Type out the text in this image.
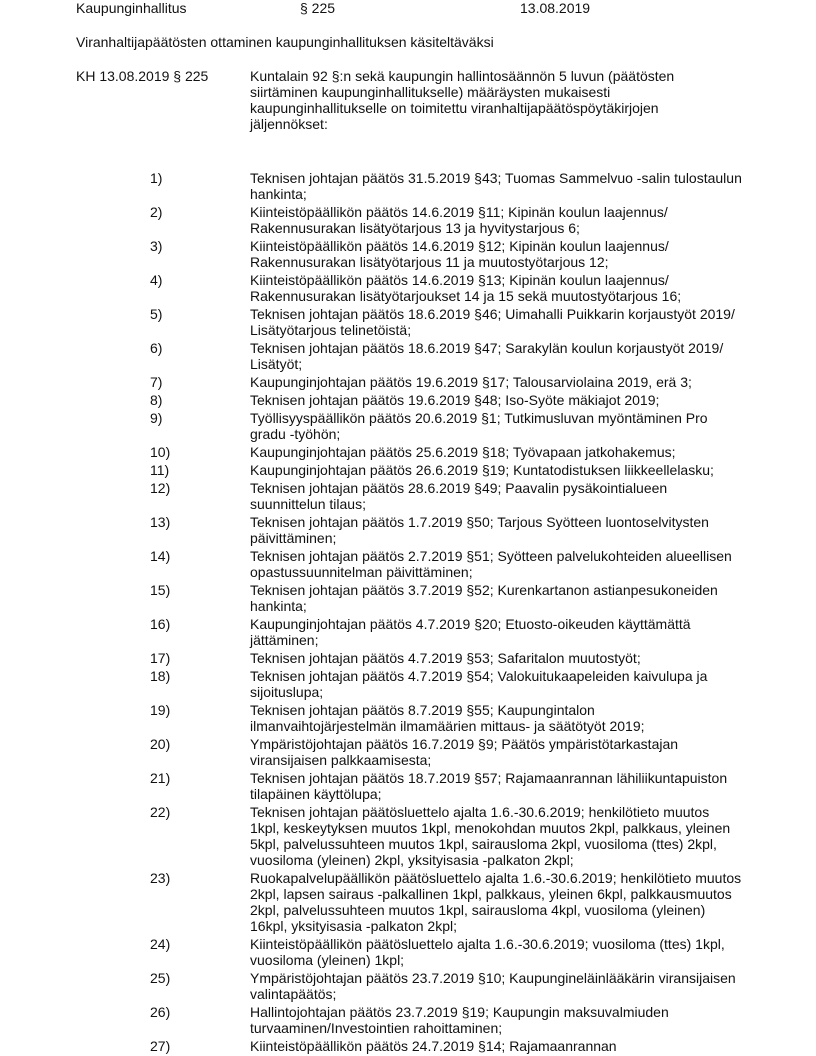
Kaupunginhallitus	§ 225	13.08.2019
Viranhaltijapäätösten ottaminen kaupunginhallituksen käsiteltäväksi
KH 13.08.2019 § 225	Kuntalain 92 §:n sekä kaupungin hallintosäännön 5 luvun (päätösten siirtäminen kaupunginhallitukselle) määräysten mukaisesti kaupunginhallitukselle on toimitettu viranhaltijapäätöspöytäkirjojen jäljennökset:
1)	Teknisen johtajan päätös 31.5.2019 §43; Tuomas Sammelvuo -salin tulostaulun hankinta;
2)	Kiinteistöpäällikön päätös 14.6.2019 §11; Kipinän koulun laajennus/ Rakennusurakan lisätyötarjous 13 ja hyvitystarjous 6;
3)	Kiinteistöpäällikön päätös 14.6.2019 §12; Kipinän koulun laajennus/ Rakennusurakan lisätyötarjous 11 ja muutostyötarjous 12;
4)	Kiinteistöpäällikön päätös 14.6.2019 §13; Kipinän koulun laajennus/ Rakennusurakan lisätyötarjoukset 14 ja 15 sekä muutostyötarjous 16;
5)	Teknisen johtajan päätös 18.6.2019 §46; Uimahalli Puikkarin korjaustyöt 2019/ Lisätyötarjous telinetöistä;
6)	Teknisen johtajan päätös 18.6.2019 §47; Sarakylän koulun korjaustyöt 2019/ Lisätyöt;
7)	Kaupunginjohtajan päätös 19.6.2019 §17; Talousarviolaina 2019, erä 3;
8)	Teknisen johtajan päätös 19.6.2019 §48; Iso-Syöte mäkiajot 2019;
9)	Työllisyyspäällikön päätös 20.6.2019 §1; Tutkimusluvan myöntäminen Pro gradu -työhön;
10)	Kaupunginjohtajan päätös 25.6.2019 §18; Työvapaan jatkohakemus;
11)	Kaupunginjohtajan päätös 26.6.2019 §19; Kuntatodistuksen liikkeellelasku;
12)	Teknisen johtajan päätös 28.6.2019 §49; Paavalin pysäkointialueen suunnittelun tilaus;
13)	Teknisen johtajan päätös 1.7.2019 §50; Tarjous Syötteen luontoselvitysten päivittäminen;
14)	Teknisen johtajan päätös 2.7.2019 §51; Syötteen palvelukohteiden alueellisen opastussuunnitelman päivittäminen;
15)	Teknisen johtajan päätös 3.7.2019 §52; Kurenkartanon astianpesukoneiden hankinta;
16)	Kaupunginjohtajan päätös 4.7.2019 §20; Etuosto-oikeuden käyttämättä jättäminen;
17)	Teknisen johtajan päätös 4.7.2019 §53; Safaritalon muutostyöt;
18)	Teknisen johtajan päätös 4.7.2019 §54; Valokuitukaapeleiden kaivulupa ja sijoituslupa;
19)	Teknisen johtajan päätös 8.7.2019 §55; Kaupungintalon ilmanvaihtojärjestelmän ilmamäärien mittaus- ja säätötyöt 2019;
20)	Ympäristöjohtajan päätös 16.7.2019 §9; Päätös ympäristötarkastajan viransijaisen palkkaamisesta;
21)	Teknisen johtajan päätös 18.7.2019 §57; Rajamaanrannan lähiliikuntapuiston tilapäinen käyttölupa;
22)	Teknisen johtajan päätösluettelo ajalta 1.6.-30.6.2019; henkilötieto muutos 1kpl, keskeytyksen muutos 1kpl, menokohdan muutos 2kpl, palkkaus, yleinen 5kpl, palvelussuhteen muutos 1kpl, sairausloma 2kpl, vuosiloma (ttes) 2kpl, vuosiloma (yleinen) 2kpl, yksityisasia -palkaton 2kpl;
23)	Ruokapalvelupäällikön päätösluettelo ajalta 1.6.-30.6.2019; henkilötieto muutos 2kpl, lapsen sairaus -palkallinen 1kpl, palkkaus, yleinen 6kpl, palkkausmuutos 2kpl, palvelussuhteen muutos 1kpl, sairausloma 4kpl, vuosiloma (yleinen) 16kpl, yksityisasia -palkaton 2kpl;
24)	Kiinteistöpäällikön päätösluettelo ajalta 1.6.-30.6.2019; vuosiloma (ttes) 1kpl, vuosiloma (yleinen) 1kpl;
25)	Ympäristöjohtajan päätös 23.7.2019 §10; Kaupungineläinlääkärin viransijaisen valintapäätös;
26)	Hallintojohtajan päätös 23.7.2019 §19; Kaupungin maksuvalmiuden turvaaminen/Investointien rahoittaminen;
27)	Kiinteistöpäällikön päätös 24.7.2019 §14; Rajamaanrannan
